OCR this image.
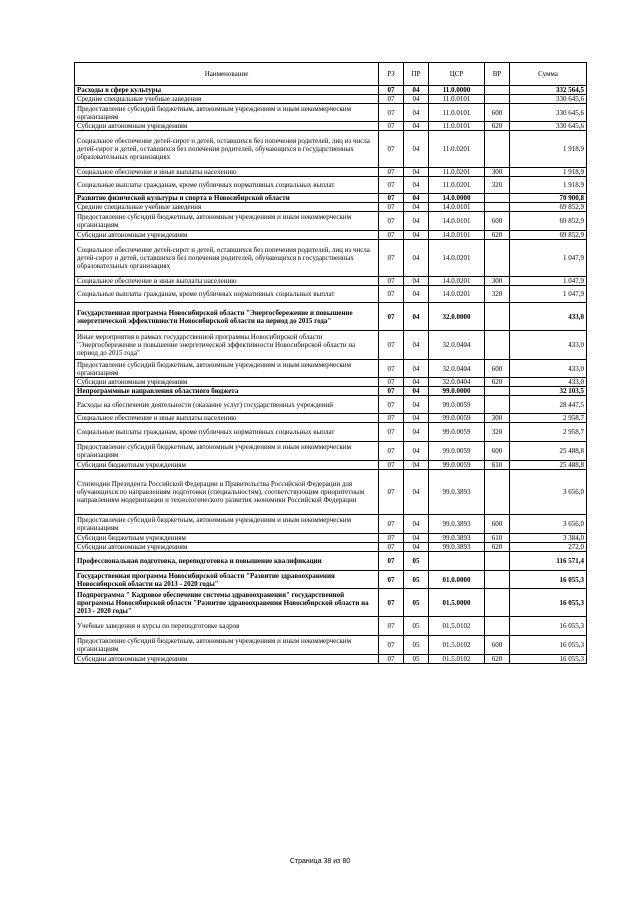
Наименование	РЗ	ПР	ЦСР	ВР	Сумма
Расходы в сфере культуры	07	04	11.0.0000		332 564,5
Средние специальные учебные заведения	07	04	11.0.0101		330 645,6
Предоставление субсидий бюджетным, автономным учреждениям и иным некоммерческим организациям	07	04	11.0.0101	600	330 645,6
Субсидии автономным учреждениям	07	04	11.0.0101	620	330 645,6
Социальное обеспечение детей-сирот и детей, оставшихся без попечения родителей, лиц из числа детей-сирот и детей, оставшихся без попечения родителей, обучающихся в государственных образовательных организациях	07	04	11.0.0201		1 918,9
Социальное обеспечение и иные выплаты населению	07	04	11.0.0201	300	1 918,9
Социальные выплаты гражданам, кроме публичных нормативных социальных выплат	07	04	11.0.0201	320	1 918,9
Развитие физической культуры и спорта в Новосибирской области	07	04	14.0.0000		70 900,8
Средние специальные учебные заведения	07	04	14.0.0101		69 852,9
Предоставление субсидий бюджетным, автономным учреждениям и иным некоммерческим организациям	07	04	14.0.0101	600	69 852,9
Субсидии автономным учреждениям	07	04	14.0.0101	620	69 852,9
Социальное обеспечение детей-сирот и детей, оставшихся без попечения родителей, лиц из числа детей-сирот и детей, оставшихся без попечения родителей, обучающихся в государственных образовательных организациях	07	04	14.0.0201		1 047,9
Социальное обеспечение и иные выплаты населению	07	04	14.0.0201	300	1 047,9
Социальные выплаты гражданам, кроме публичных нормативных социальных выплат	07	04	14.0.0201	320	1 047,9
Государственная программа Новосибирской области "Энергосбережение и повышение энергетической эффективности Новосибирской области на период до 2015 года"	07	04	32.0.0000		433,0
Иные мероприятия в рамках государственной программы Новосибирской области "Энергосбережение и повышение энергетической эффективности Новосибирской области на период до 2015 года"	07	04	32.0.0404		433,0
Предоставление субсидий бюджетным, автономным учреждениям и иным некоммерческим организациям	07	04	32.0.0404	600	433,0
Субсидии автономным учреждениям	07	04	32.0.0404	620	433,0
Непрограммные направления областного бюджета	07	04	99.0.0000		32 103,5
Расходы на обеспечение деятельности (оказание услуг) государственных учреждений	07	04	99.0.0059		28 447,5
Социальное обеспечение и иные выплаты населению	07	04	99.0.0059	300	2 958,7
Социальные выплаты гражданам, кроме публичных нормативных социальных выплат	07	04	99.0.0059	320	2 958,7
Предоставление субсидий бюджетным, автономным учреждениям и иным некоммерческим организациям	07	04	99.0.0059	600	25 488,8
Субсидии бюджетным учреждениям	07	04	99.0.0059	610	25 488,8
Стипендии Президента Российской Федерации и Правительства Российской Федерации для обучающихся по направлениям подготовки (специальностям), соответствующим приоритетным направлениям модернизации и технологического развития экономики Российской Федерации	07	04	99.0.3893		3 656,0
Предоставление субсидий бюджетным, автономным учреждениям и иным некоммерческим организациям	07	04	99.0.3893	600	3 656,0
Субсидии бюджетным учреждениям	07	04	99.0.3893	610	3 384,0
Субсидии автономным учреждениям	07	04	99.0.3893	620	272,0
Профессиональная подготовка, переподготовка и повышение квалификации	07	05			116 571,4
Государственная программа Новосибирской области "Развитие здравоохранения Новосибирской области на 2013 - 2020 годы"	07	05	01.0.0000		16 055,3
Подпрограмма " Кадровое обеспечение системы здравоохранения" государственной программы Новосибирской области "Развитие здравоохранения Новосибирской области на 2013 - 2020 годы"	07	05	01.5.0000		16 055,3
Учебные заведения и курсы по переподготовке кадров	07	05	01.5.0102		16 055,3
Предоставление субсидий бюджетным, автономным учреждениям и иным некоммерческим организациям	07	05	01.5.0102	600	16 055,3
Субсидии автономным учреждениям	07	05	01.5.0102	620	16 055,3
Страница 38 из 80
